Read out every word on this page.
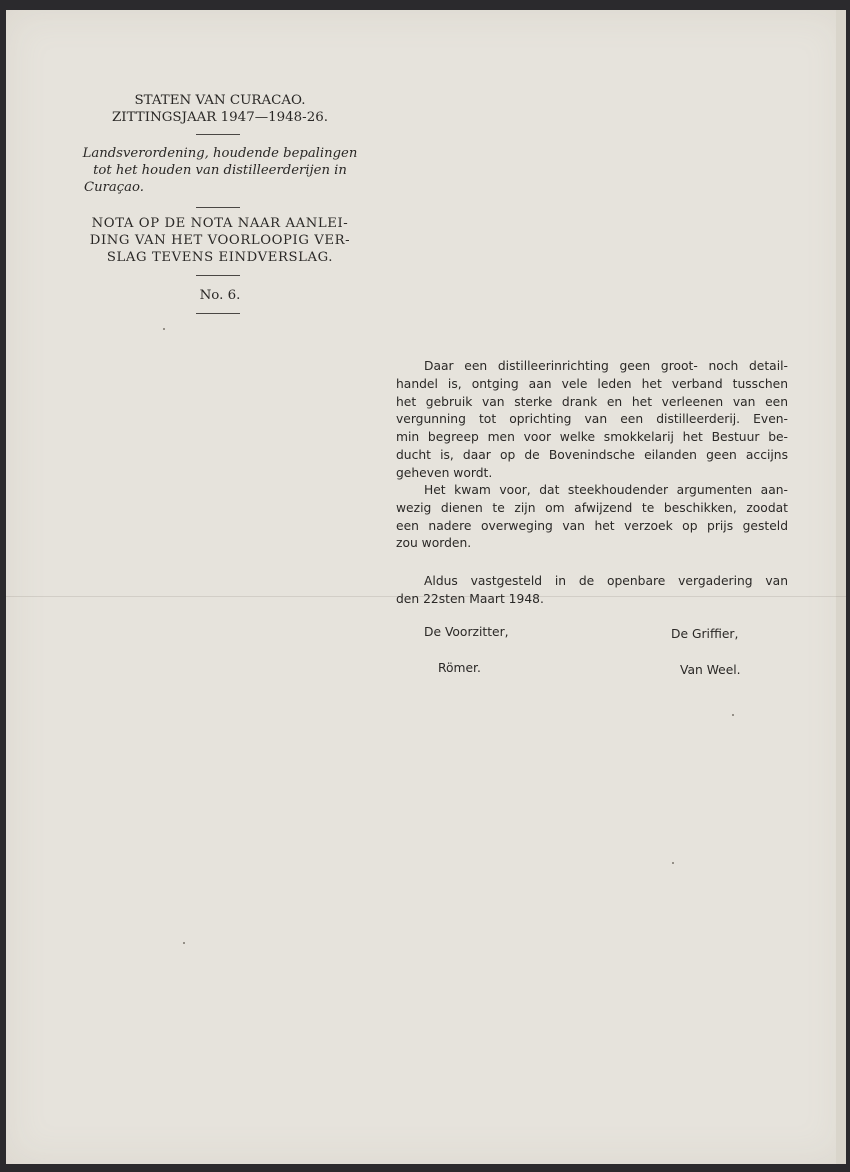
STATEN VAN CURACAO.
ZITTINGSJAAR 1947—1948-26.
Landsverordening, houdende bepalingen
tot het houden van distilleerderijen in
Curaçao.
NOTA OP DE NOTA NAAR AANLEI-
DING VAN HET VOORLOOPIG VER-
SLAG TEVENS EINDVERSLAG.
No. 6.
Daar een distilleerinrichting geen groot- noch detail-
handel is, ontging aan vele leden het verband tusschen
het gebruik van sterke drank en het verleenen van een
vergunning tot oprichting van een distilleerderij. Even-
min begreep men voor welke smokkelarij het Bestuur be-
ducht is, daar op de Bovenindsche eilanden geen accijns
geheven wordt.
Het kwam voor, dat steekhoudender argumenten aan-
wezig dienen te zijn om afwijzend te beschikken, zoodat
een nadere overweging van het verzoek op prijs gesteld
zou worden.
Aldus vastgesteld in de openbare vergadering van
den 22sten Maart 1948.
De Voorzitter,	De Griffier,
Römer.	Van Weel.
